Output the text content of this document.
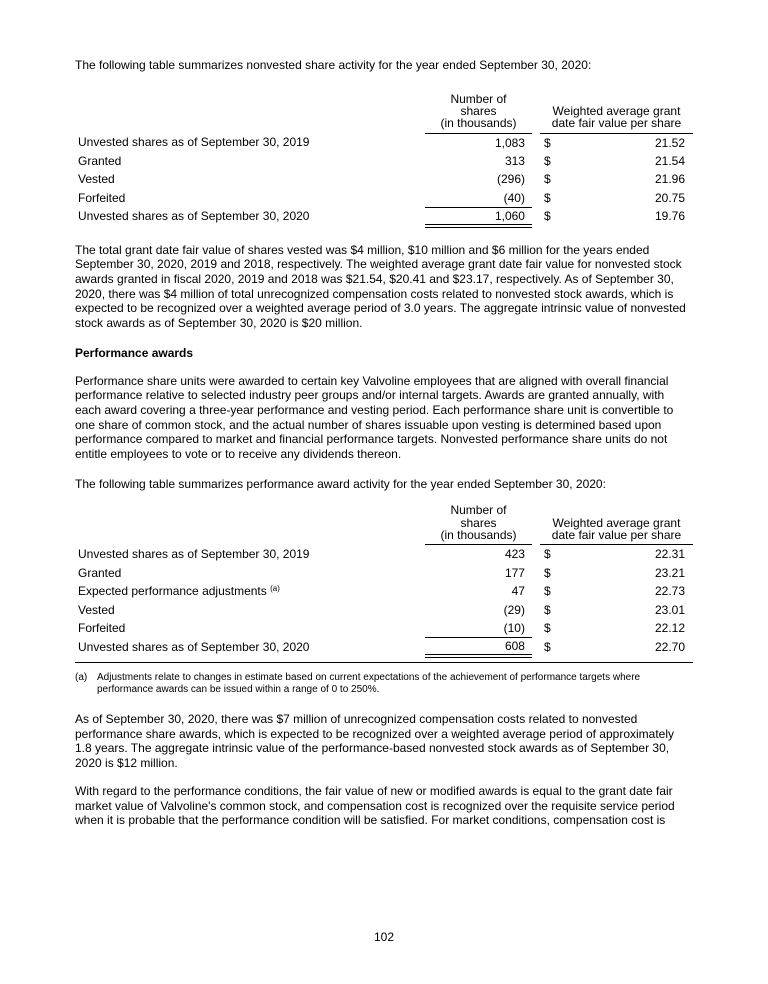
The following table summarizes nonvested share activity for the year ended September 30, 2020:

Number of
shares
(in thousands)

Weighted average grant
date fair value per share

Unvested shares as of September 30, 2019	1,083		$	21.52
Granted	313		$	21.54
Vested	(296)		$	21.96
Forfeited	(40)		$	20.75
Unvested shares as of September 30, 2020	1,060		$	19.76

The total grant date fair value of shares vested was $4 million, $10 million and $6 million for the years ended September 30, 2020, 2019 and 2018, respectively. The weighted average grant date fair value for nonvested stock awards granted in fiscal 2020, 2019 and 2018 was $21.54, $20.41 and $23.17, respectively. As of September 30, 2020, there was $4 million of total unrecognized compensation costs related to nonvested stock awards, which is expected to be recognized over a weighted average period of 3.0 years. The aggregate intrinsic value of nonvested stock awards as of September 30, 2020 is $20 million.

Performance awards

Performance share units were awarded to certain key Valvoline employees that are aligned with overall financial performance relative to selected industry peer groups and/or internal targets. Awards are granted annually, with each award covering a three-year performance and vesting period. Each performance share unit is convertible to one share of common stock, and the actual number of shares issuable upon vesting is determined based upon performance compared to market and financial performance targets. Nonvested performance share units do not entitle employees to vote or to receive any dividends thereon.

The following table summarizes performance award activity for the year ended September 30, 2020:

Number of
shares
(in thousands)

Weighted average grant
date fair value per share

Unvested shares as of September 30, 2019	423		$	22.31
Granted	177		$	23.21
Expected performance adjustments $^{(a)}$	47		$	22.73
Vested	(29)		$	23.01
Forfeited	(10)		$	22.12
Unvested shares as of September 30, 2020	608		$	22.70
(a) Adjustments relate to changes in estimate based on current expectations of the achievement of performance targets where performance awards can be issued within a range of 0 to 250%.

As of September 30, 2020, there was $7 million of unrecognized compensation costs related to nonvested performance share awards, which is expected to be recognized over a weighted average period of approximately 1.8 years. The aggregate intrinsic value of the performance-based nonvested stock awards as of September 30, 2020 is $12 million.

With regard to the performance conditions, the fair value of new or modified awards is equal to the grant date fair market value of Valvoline's common stock, and compensation cost is recognized over the requisite service period when it is probable that the performance condition will be satisfied. For market conditions, compensation cost is

102
